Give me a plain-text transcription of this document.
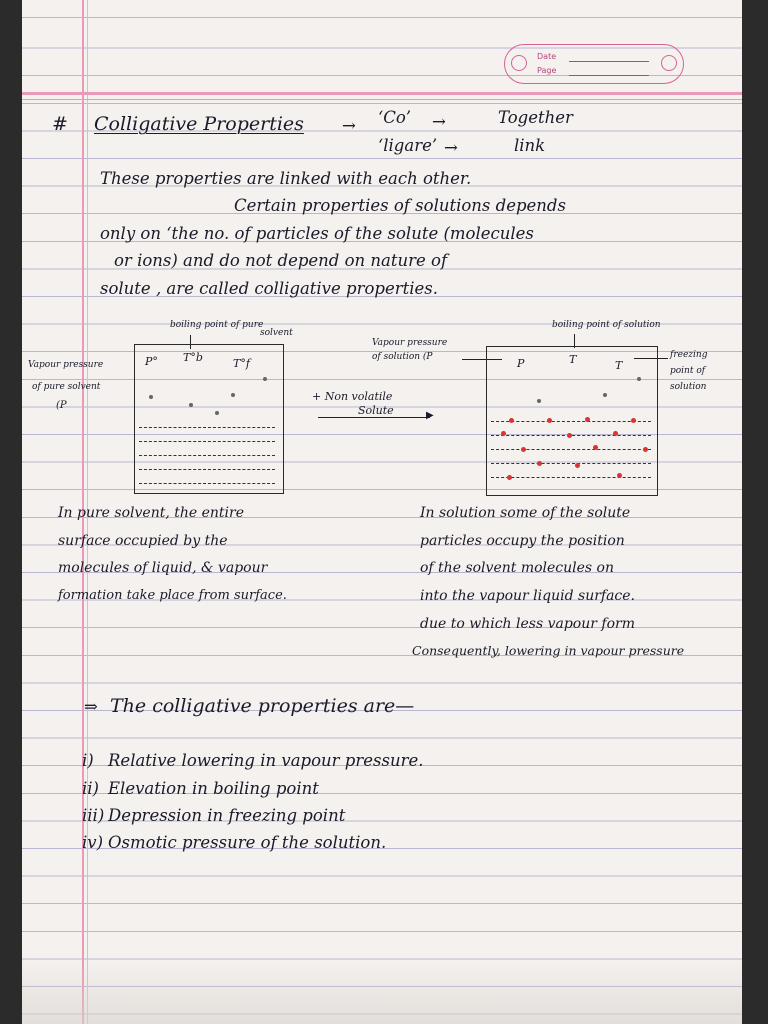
Date
Page
# Colligative Properties → ‘Co’ →	Together
‘ligare’ →	link
These properties are linked with each other.
Certain properties of solutions depends
only on ‘the no. of particles of the solute (molecules
or ions) and do not depend on nature of
solute , are called colligative properties.
boiling point of pure
solvent
Vapour pressure
of pure solvent
(P
P° T°b	T°f
+ Non volatile
Solute	▶
Vapour pressure
of solution (P
boiling point of solution
freezing
point of
solution
P	T	T
In pure solvent, the entire
surface occupied by the
molecules of liquid, & vapour
formation take place from surface.
In solution some of the solute
particles occupy the position
of the solvent molecules on
into the vapour liquid surface.
due to which less vapour form
Consequently, lowering in vapour pressure
⇒ The colligative properties are—
i) Relative lowering in vapour pressure.
ii) Elevation in boiling point
iii) Depression in freezing point
iv) Osmotic pressure of the solution.
